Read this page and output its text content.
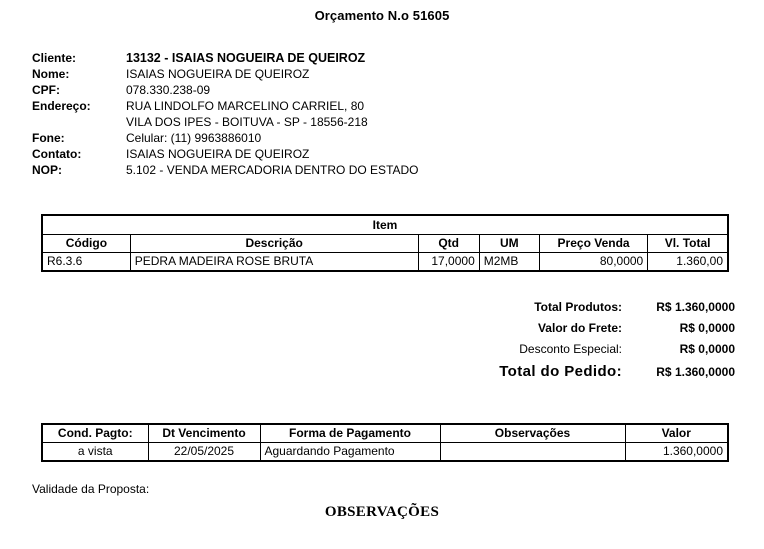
Orçamento N.o 51605
Cliente:	13132 - ISAIAS NOGUEIRA DE QUEIROZ
Nome:	ISAIAS NOGUEIRA DE QUEIROZ
CPF:	078.330.238-09
Endereço:	RUA LINDOLFO MARCELINO CARRIEL, 80
VILA DOS IPES - BOITUVA - SP - 18556-218
Fone:	Celular: (11) 9963886010
Contato:	ISAIAS NOGUEIRA DE QUEIROZ
NOP:	5.102 - VENDA MERCADORIA DENTRO DO ESTADO
Item					
Código	Descrição	Qtd	UM	Preço Venda	Vl. Total
R6.3.6	PEDRA MADEIRA ROSE BRUTA	17,0000	M2MB	80,0000	1.360,00
Total Produtos:	R$ 1.360,0000
Valor do Frete:	R$ 0,0000
Desconto Especial:	R$ 0,0000
Total do Pedido:	R$ 1.360,0000
Cond. Pagto:	Dt Vencimento	Forma de Pagamento	Observações	Valor
a vista	22/05/2025	Aguardando Pagamento		1.360,0000
Validade da Proposta:
OBSERVAÇÕES
